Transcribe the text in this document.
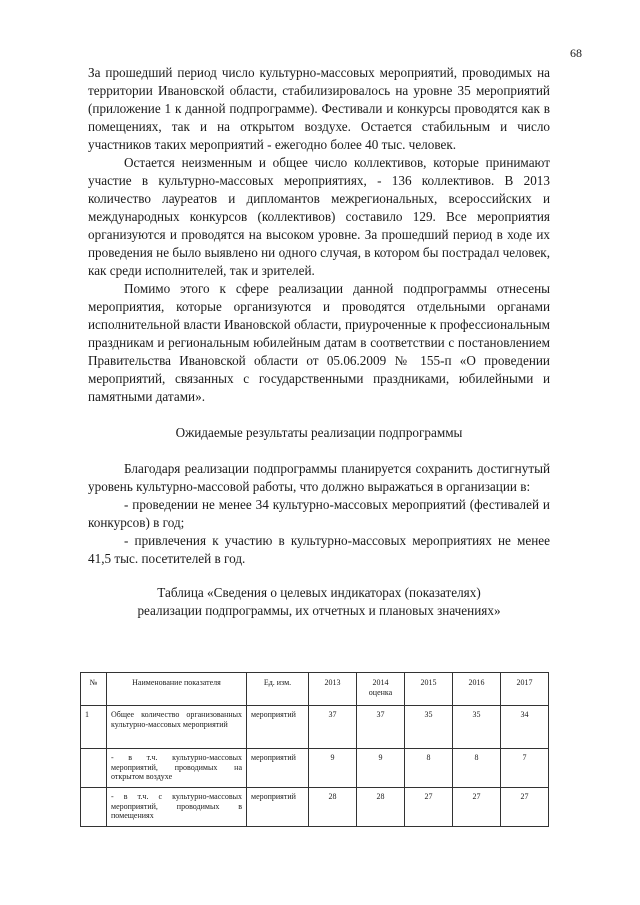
68

За прошедший период число культурно-массовых мероприятий, проводимых на территории Ивановской области, стабилизировалось на уровне 35 мероприятий (приложение 1 к данной подпрограмме). Фестивали и конкурсы проводятся как в помещениях, так и на открытом воздухе. Остается стабильным и число участников таких мероприятий - ежегодно более 40 тыс. человек.

Остается неизменным и общее число коллективов, которые принимают участие в культурно-массовых мероприятиях, - 136 коллективов. В 2013 количество лауреатов и дипломантов межрегиональных, всероссийских и международных конкурсов (коллективов) составило 129. Все мероприятия организуются и проводятся на высоком уровне. За прошедший период в ходе их проведения не было выявлено ни одного случая, в котором бы пострадал человек, как среди исполнителей, так и зрителей.

Помимо этого к сфере реализации данной подпрограммы отнесены мероприятия, которые организуются и проводятся отдельными органами исполнительной власти Ивановской области, приуроченные к профессиональным праздникам и региональным юбилейным датам в соответствии с постановлением Правительства Ивановской области от 05.06.2009 № 155-п «О проведении мероприятий, связанных с государственными праздниками, юбилейными и памятными датами».

Ожидаемые результаты реализации подпрограммы

Благодаря реализации подпрограммы планируется сохранить достигнутый уровень культурно-массовой работы, что должно выражаться в организации в:

- проведении не менее 34 культурно-массовых мероприятий (фестивалей и конкурсов) в год;

- привлечения к участию в культурно-массовых мероприятиях не менее 41,5 тыс. посетителей в год.

Таблица «Сведения о целевых индикаторах (показателях)
реализации подпрограммы, их отчетных и плановых значениях»
№	Наименование показателя	Ед. изм.	2013	2014 оценка	2015	2016	2017
1	Общее количество организованных культурно-массовых мероприятий	мероприятий	37	37	35	35	34
	- в т.ч. культурно-массовых мероприятий, проводимых на открытом воздухе	мероприятий	9	9	8	8	7
	- в т.ч. с культурно-массовых мероприятий, проводимых в помещениях	мероприятий	28	28	27	27	27
